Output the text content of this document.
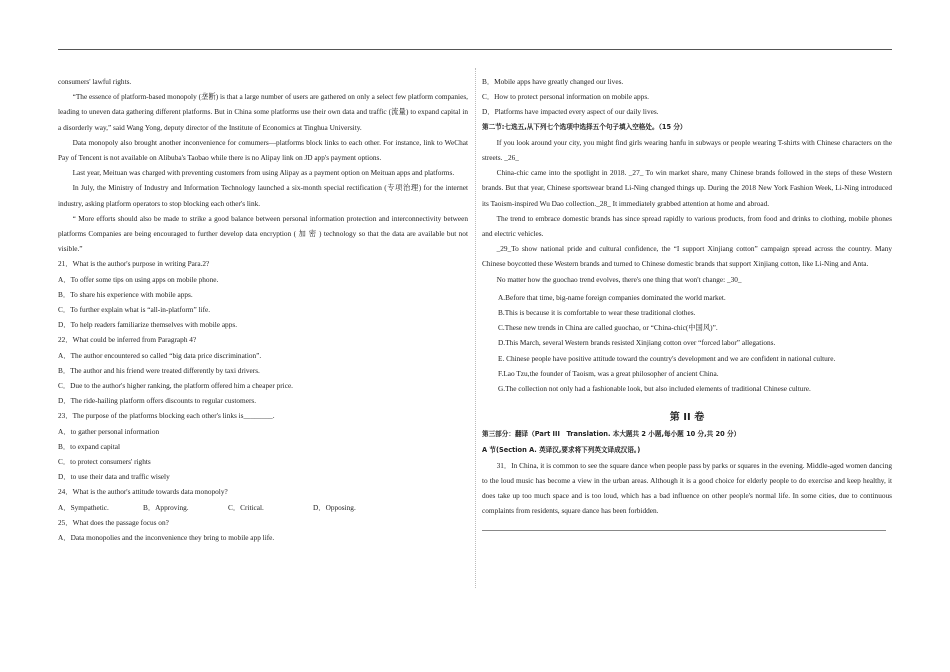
consumers' lawful rights.

“The essence of platform-based monopoly (垄断) is that a large number of users are gathered on only a select few platform companies, leading to uneven data gathering different platforms. But in China some platforms use their own data and traffic (流量) to expand capital in a disorderly way,” said Wang Yong, deputy director of the Institute of Economics at Tinghua University.

Data monopoly also brought another inconvenience for comumers—platforms block links to each other. For instance, link to WeChat Pay of Tencent is not available on Alibuba's Taobao while there is no Alipay link on JD app's payment options.

Last year, Meituan was charged with preventing customers from using Alipay as a payment option on Meituan apps and platforms.

In July, the Ministry of Industry and Information Technology launched a six-month special rectification (专项治理) for the internet industry, asking platform operators to stop blocking each other's link.

“ More efforts should also be made to strike a good balance between personal information protection and interconnectivity between platforms Companies are being encouraged to further develop data encryption ( 加 密 ) technology so that the data are available but not visible.”

21．What is the author's purpose in writing Para.2?

A．To offer some tips on using apps on mobile phone.

B．To share his experience with mobile apps.

C．To further explain what is “all-in-platform” life.

D．To help readers familiarize themselves with mobile apps.

22．What could be inferred from Paragraph 4?

A．The author encountered so called “big data price discrimination”.

B．The author and his friend were treated differently by taxi drivers.

C．Due to the author's higher ranking, the platform offered him a cheaper price.

D．The ride-hailing platform offers discounts to regular customers.

23．The purpose of the platforms blocking each other's links is________.

A．to gather personal information

B．to expand capital

C．to protect consumers' rights

D．to use their data and traffic wisely

24．What is the author's attitude towards data monopoly?

A．Sympathetic.	B．Approving.	C．Critical.	D．Opposing.

25．What does the passage focus on?

A．Data monopolies and the inconvenience they bring to mobile app life.

B．Mobile apps have greatly changed our lives.

C．How to protect personal information on mobile apps.

D．Platforms have impacted every aspect of our daily lives.

第二节:七选五,从下列七个选项中选择五个句子填入空格处。（15 分）

If you look around your city, you might find girls wearing hanfu in subways or people wearing T-shirts with Chinese characters on the streets. _26_

China-chic came into the spotlight in 2018. _27_ To win market share, many Chinese brands followed in the steps of these Western brands. But that year, Chinese sportswear brand Li-Ning changed things up. During the 2018 New York Fashion Week, Li-Ning introduced its Taoism-inspired Wu Dao collection._28_ It immediately grabbed attention at home and abroad.

The trend to embrace domestic brands has since spread rapidly to various products, from food and drinks to clothing, mobile phones and electric vehicles.

_29_To show national pride and cultural confidence, the “I support Xinjiang cotton” campaign spread across the country. Many Chinese boycotted these Western brands and turned to Chinese domestic brands that support Xinjiang cotton, like Li-Ning and Anta.

No matter how the guochao trend evolves, there's one thing that won't change: _30_

A.Before that time, big-name foreign companies dominated the world market.

B.This is because it is comfortable to wear these traditional clothes.

C.These new trends in China are called guochao, or “China-chic(中国风)”.

D.This March, several Western brands resisted Xinjiang cotton over “forced labor” allegations.

E. Chinese people have positive attitude toward the country's development and we are confident in national culture.

F.Lao Tzu,the founder of Taoism, was a great philosopher of ancient China.

G.The collection not only had a fashionable look, but also included elements of traditional Chinese culture.

第 II 卷

第三部分：翻译（Part III　Translation. 本大题共 2 小题,每小题 10 分,共 20 分）

A 节(Section A. 英译汉,要求将下列英文译成汉语。)

31．In China, it is common to see the square dance when people pass by parks or squares in the evening. Middle-aged women dancing to the loud music has become a view in the urban areas. Although it is a good choice for elderly people to do exercise and keep healthy, it does take up too much space and is too loud, which has a bad influence on other people's normal life. In some cities, due to continuous complaints from residents, square dance has been forbidden.
